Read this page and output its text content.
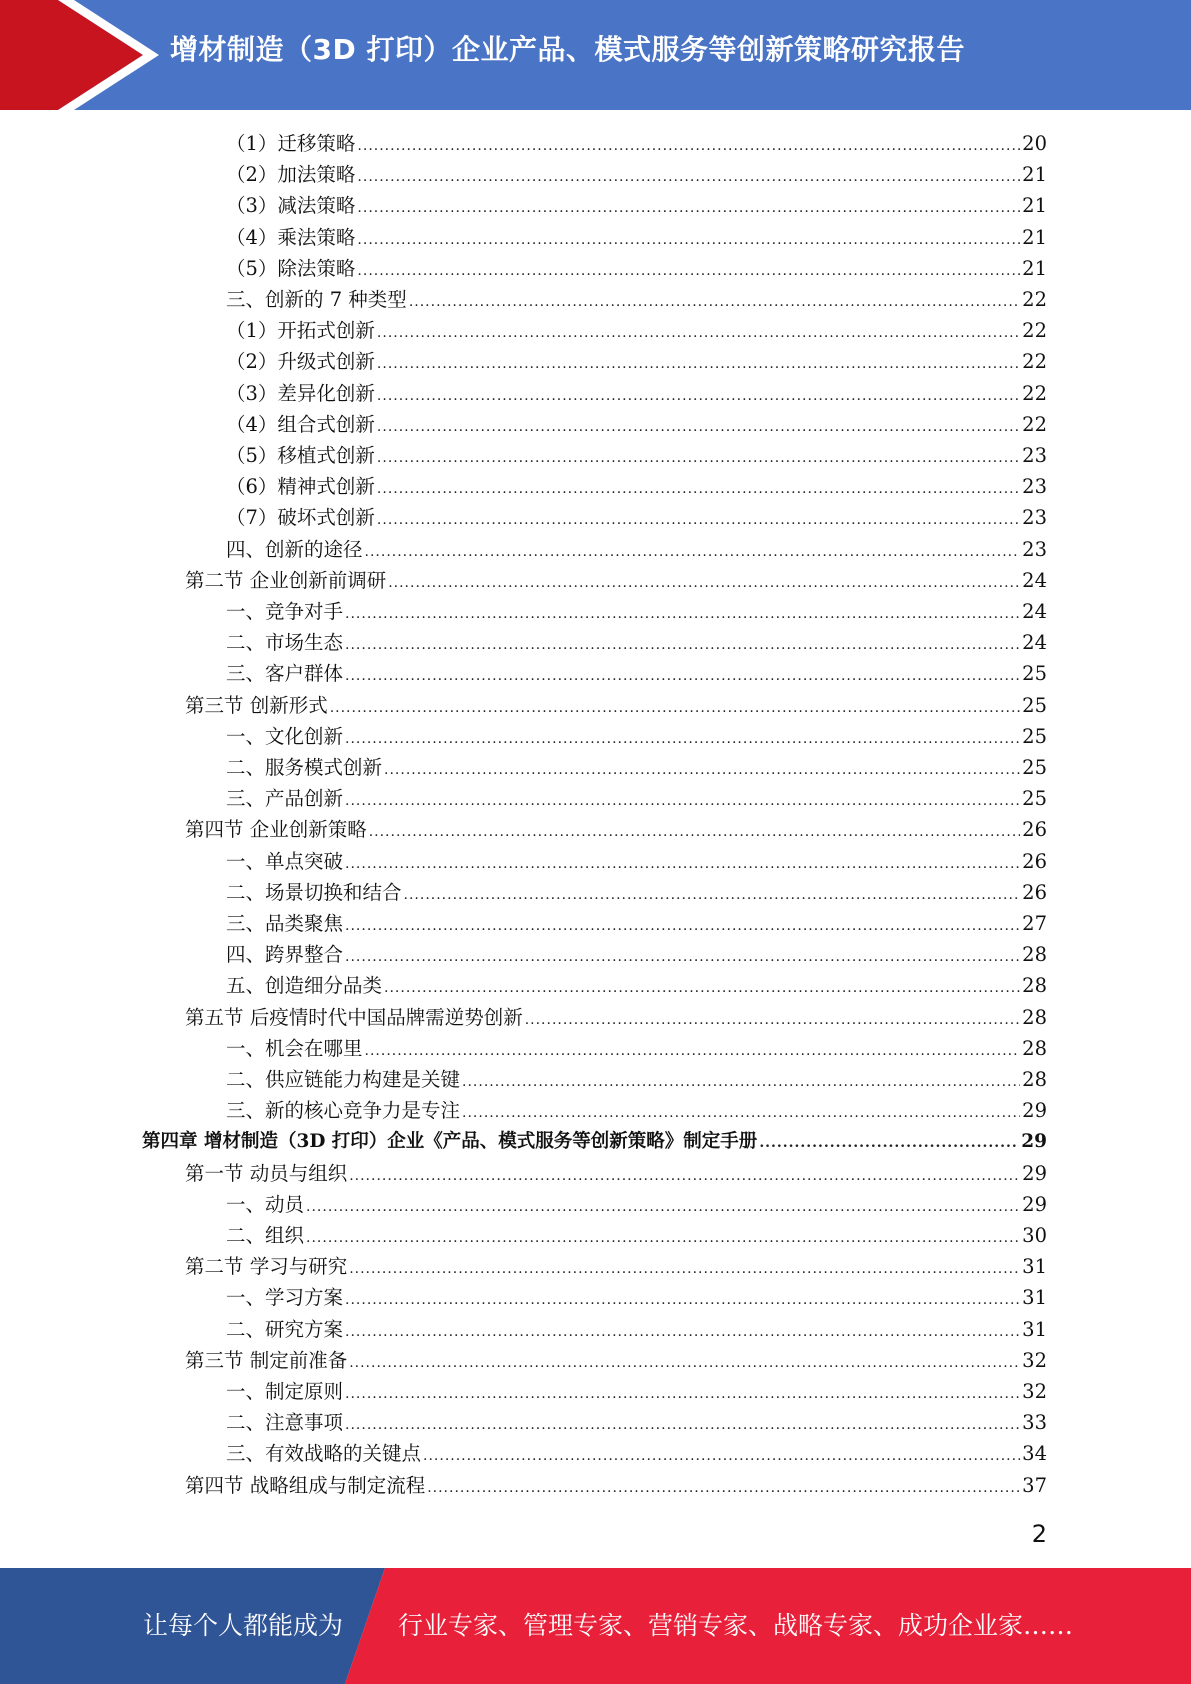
增材制造（3D 打印）企业产品、模式服务等创新策略研究报告
（1）迁移策略 .....	20
（2）加法策略 .....	21
（3）减法策略 .....	21
（4）乘法策略 .....	21
（5）除法策略 .....	21
三、创新的 7 种类型 .....	22
（1）开拓式创新 .....	22
（2）升级式创新 .....	22
（3）差异化创新 .....	22
（4）组合式创新 .....	22
（5）移植式创新 .....	23
（6）精神式创新 .....	23
（7）破坏式创新 .....	23
四、创新的途径 .....	23
第二节 企业创新前调研 .....	24
一、竞争对手 .....	24
二、市场生态 .....	24
三、客户群体 .....	25
第三节 创新形式 .....	25
一、文化创新 .....	25
二、服务模式创新 .....	25
三、产品创新 .....	25
第四节 企业创新策略 .....	26
一、单点突破 .....	26
二、场景切换和结合 .....	26
三、品类聚焦 .....	27
四、跨界整合 .....	28
五、创造细分品类 .....	28
第五节 后疫情时代中国品牌需逆势创新 .....	28
一、机会在哪里 .....	28
二、供应链能力构建是关键 .....	28
三、新的核心竞争力是专注 .....	29
第四章 增材制造（3D 打印）企业《产品、模式服务等创新策略》制定手册 .....	29
第一节 动员与组织 .....	29
一、动员 .....	29
二、组织 .....	30
第二节 学习与研究 .....	31
一、学习方案 .....	31
二、研究方案 .....	31
第三节 制定前准备 .....	32
一、制定原则 .....	32
二、注意事项 .....	33
三、有效战略的关键点 .....	34
第四节 战略组成与制定流程 .....	37
2
让每个人都能成为 行业专家、管理专家、营销专家、战略专家、成功企业家……
